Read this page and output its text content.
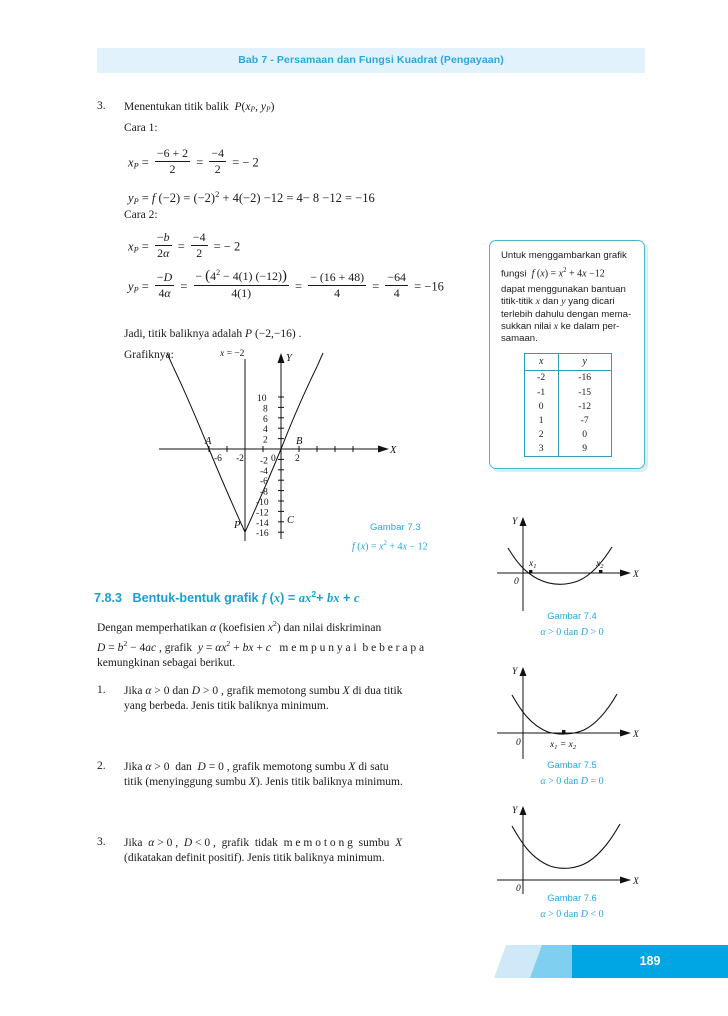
Bab 7 - Persamaan dan Fungsi Kuadrat (Pengayaan)
3. Menentukan titik balik  $P(x_P$, $y_P$)
Cara 1:
$x_P = \frac{-6 + 2}{2} = \frac{-4}{2}$ = − 2
$y_P = f$ $(-2) = (-2)^2 + 4(-2) -12 = 4- 8 -12 = -16$
Cara 2:
$x_P = \frac{-b}{2\alpha} = \frac{-4}{2}$ = − 2
$y_P = \frac{-D}{4\alpha} = \frac{- (4^2 - 4(1) (-12))}{4(1)} = \frac{- (16 + 48)}{4} = \frac{-64}{4} = -16$
Jadi, titik baliknya adalah P (−2,−16) .
Grafiknya:
-6 -2	2
0
10
8
6
4
2
-2
-4
-6
-8
-10
-12
-14
-16
A	B
C
P
X
Y
x = −2
Gambar 7.3
f $(x) = x^2 + 4x - 12$
Untuk menggambarkan grafik
fungsi  f $(x) = x^2 + 4x -12$
dapat menggunakan bantuan titik-titik x dan y yang dicari terlebih dahulu dengan mema-sukkan nilai x ke dalam per-samaan.
x	y
-2	-16
-1	-15
0	-12
1	-7
2	0
3	9
7.8.3 Bentuk-bentuk grafik f $(x) = ax^2+$ bx + c
Dengan memperhatikan α (koefisien $x^2$) dan nilai diskriminan
$D = b^2 - 4ac$ , grafik  $y = \alpha x^2$ + bx + c   m e m p u n y a i  b e b e r a p a
kemungkinan sebagai berikut.
1. Jika α > 0 dan D > 0 , grafik memotong sumbu X di dua titik
yang berbeda. Jenis titik baliknya minimum.
2. Jika α > 0  dan  D = 0 , grafik memotong sumbu X di satu
titik (menyinggung sumbu X). Jenis titik baliknya minimum.
3. Jika  α > 0 ,  D < 0 ,  grafik  tidak  m e m o t o n g  sumbu  X
(dikatakan definit positif). Jenis titik baliknya minimum.
0
$x_1$	$x_2$
X
Y
Gambar 7.4
α > 0 dan D > 0
0	$x_1 = x_2$
X
Y
Gambar 7.5
α > 0 dan D = 0
0
X
Y
Gambar 7.6
α > 0 dan D < 0
189
